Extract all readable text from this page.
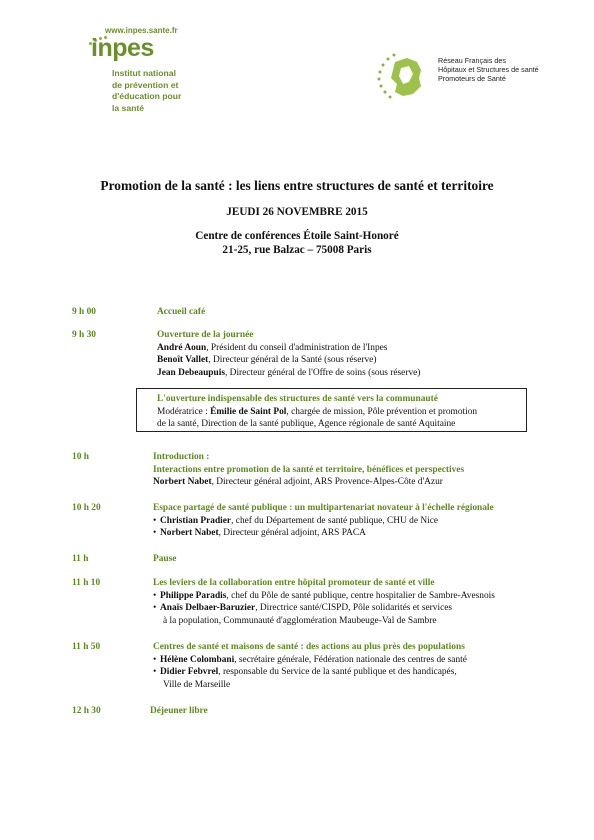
www.inpes.sante.fr
inpes
Institut national
de prévention et
d'éducation pour
la santé
Réseau Français des
Hôpitaux et Structures de santé
Promoteurs de Santé
Promotion de la santé : les liens entre structures de santé et territoire
JEUDI 26 NOVEMBRE 2015
Centre de conférences Étoile Saint-Honoré
21-25, rue Balzac – 75008 Paris
9 h 00	Accueil café
9 h 30	Ouverture de la journée
André Aoun, Président du conseil d'administration de l'Inpes
Benoît Vallet, Directeur général de la Santé (sous réserve)
Jean Debeaupuis, Directeur général de l'Offre de soins (sous réserve)
L'ouverture indispensable des structures de santé vers la communauté
Modératrice : Émilie de Saint Pol, chargée de mission, Pôle prévention et promotion
de la santé, Direction de la santé publique, Agence régionale de santé Aquitaine
10 h	Introduction :
Interactions entre promotion de la santé et territoire, bénéfices et perspectives
Norbert Nabet, Directeur général adjoint, ARS Provence-Alpes-Côte d'Azur
10 h 20	Espace partagé de santé publique : un multipartenariat novateur à l'échelle régionale
• Christian Pradier, chef du Département de santé publique, CHU de Nice
• Norbert Nabet, Directeur général adjoint, ARS PACA
11 h	Pause
11 h 10	Les leviers de la collaboration entre hôpital promoteur de santé et ville
• Philippe Paradis, chef du Pôle de santé publique, centre hospitalier de Sambre-Avesnois
• Anaïs Delbaer-Baruzier, Directrice santé/CISPD, Pôle solidarités et services
à la population, Communauté d'agglomération Maubeuge-Val de Sambre
11 h 50	Centres de santé et maisons de santé : des actions au plus près des populations
• Hélène Colombani, secrétaire générale, Fédération nationale des centres de santé
• Didier Febvrel, responsable du Service de la santé publique et des handicapés,
Ville de Marseille
12 h 30	Déjeuner libre
